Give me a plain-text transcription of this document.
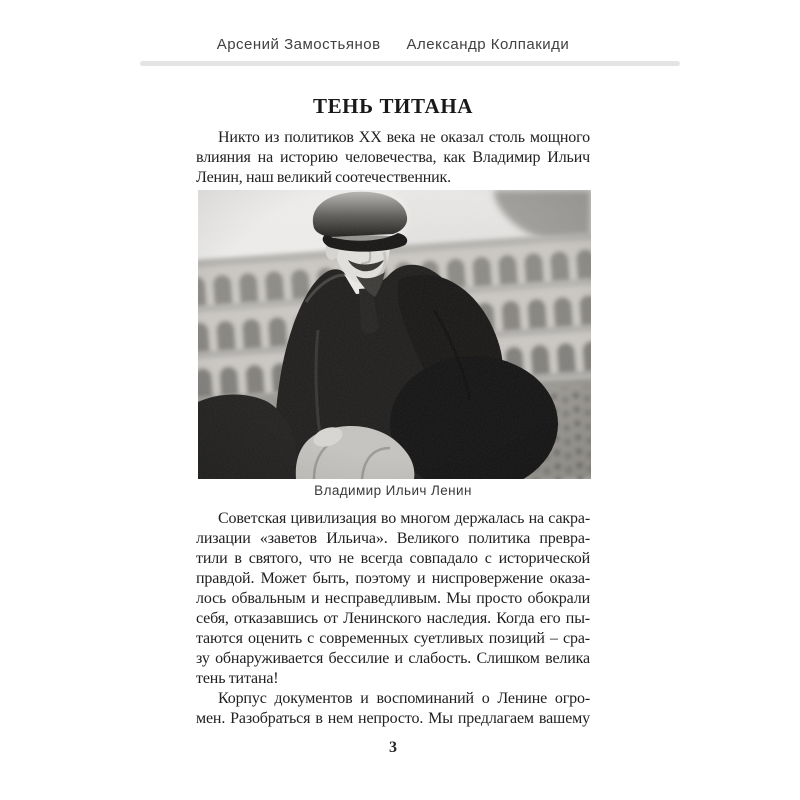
Арсений Замостьянов Александр Колпакиди
ТЕНЬ ТИТАНА
Никто из политиков XX века не оказал столь мощного
влияния на историю человечества, как Владимир Ильич
Ленин, наш великий соотечественник.
Советская цивилизация во многом держалась на сакра-
лизации «заветов Ильича». Великого политика превра-
тили в святого, что не всегда совпадало с исторической
правдой. Может быть, поэтому и ниспровержение оказа-
лось обвальным и несправедливым. Мы просто обокрали
себя, отказавшись от Ленинского наследия. Когда его пы-
таются оценить с современных суетливых позиций – сра-
зу обнаруживается бессилие и слабость. Слишком велика
тень титана!
Корпус документов и воспоминаний о Ленине огро-
мен. Разобраться в нем непросто. Мы предлагаем вашему
Владимир Ильич Ленин
3
